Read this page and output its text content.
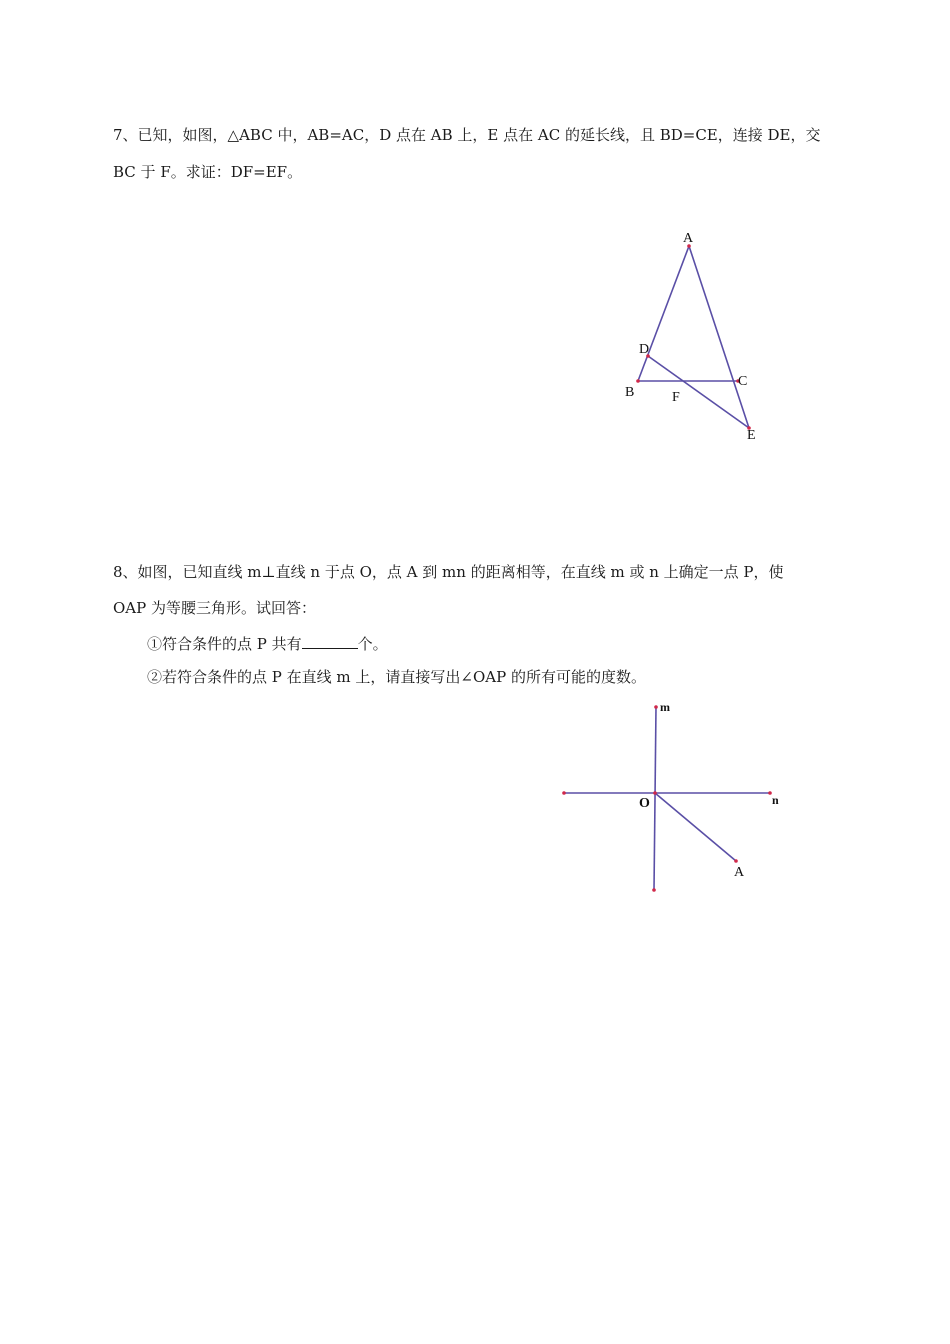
7、已知，如图，△ABC 中，AB=AC，D 点在 AB 上，E 点在 AC 的延长线，且 BD=CE，连接 DE，交
BC 于 F。求证：DF=EF。
A
D
B
C
F
E
8、如图，已知直线 m⊥直线 n 于点 O，点 A 到 mn 的距离相等，在直线 m 或 n 上确定一点 P，使
OAP 为等腰三角形。试回答：
①符合条件的点 P 共有	个。
②若符合条件的点 P 在直线 m 上，请直接写出∠OAP 的所有可能的度数。
m
n
O
A
